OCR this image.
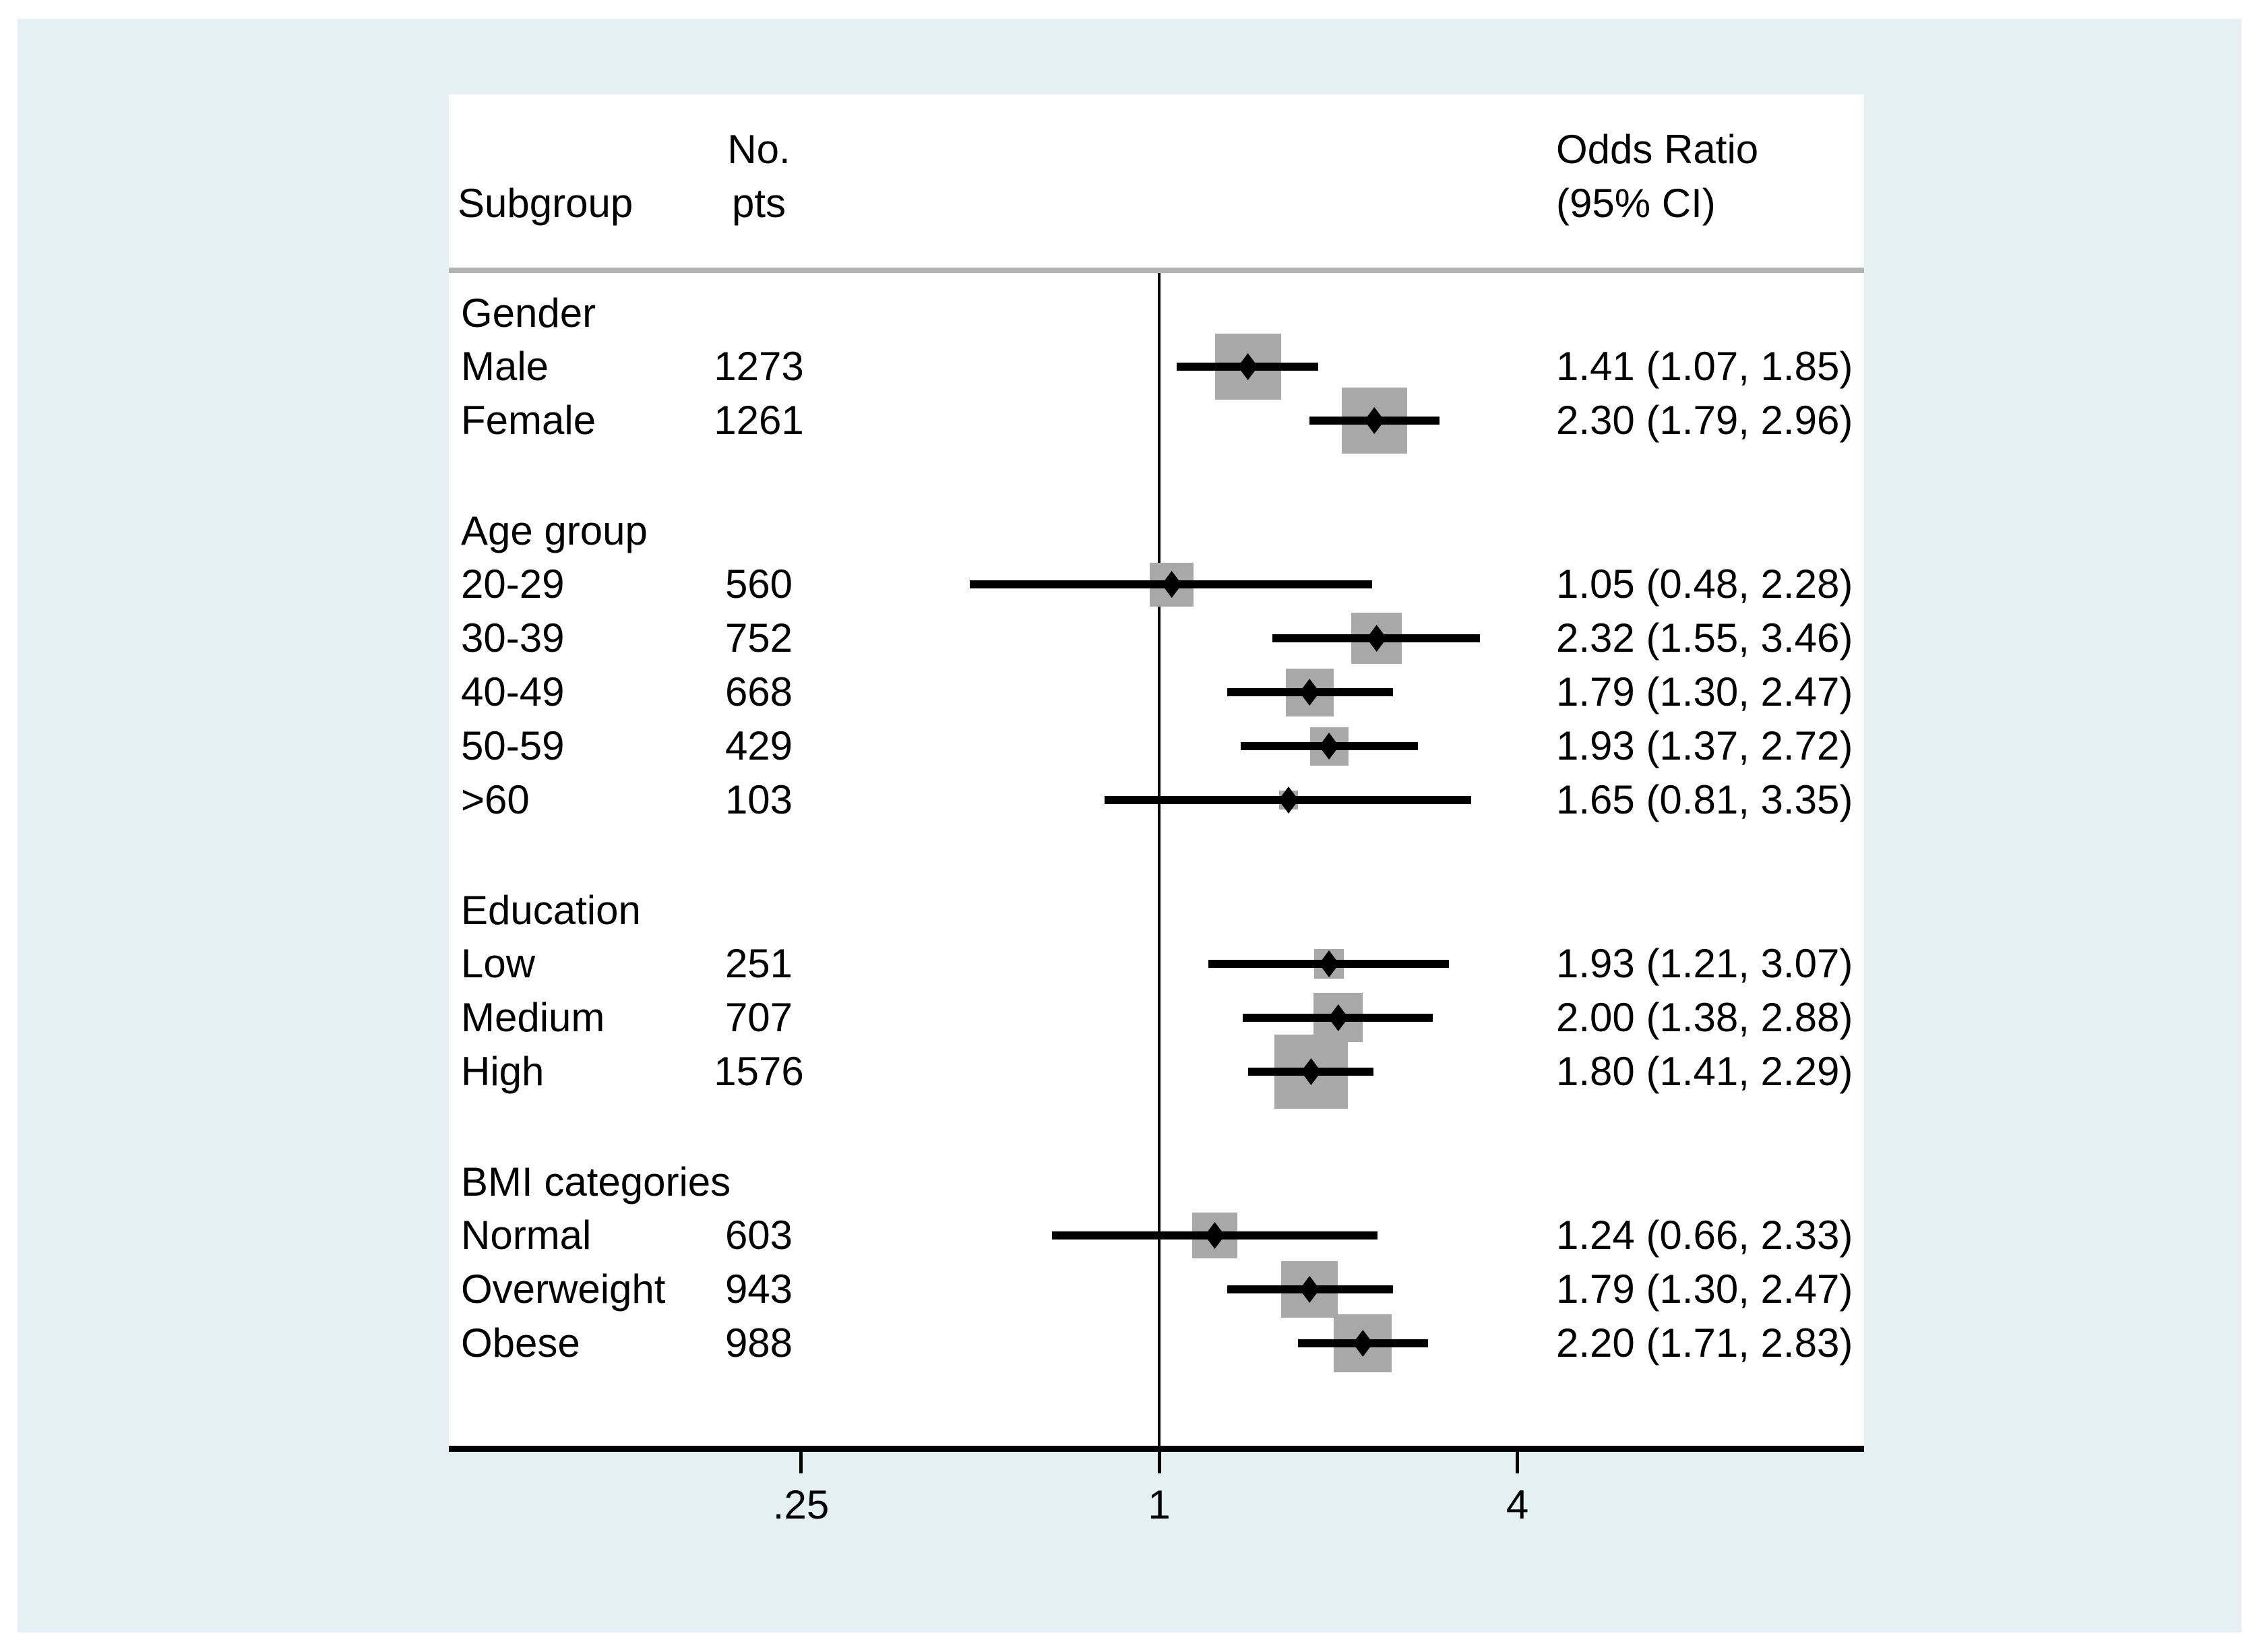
Subgroup
No.
pts
Odds Ratio
(95% CI)
Gender
Male	1273	1.41 (1.07, 1.85)
Female	1261	2.30 (1.79, 2.96)
Age group
20-29	560	1.05 (0.48, 2.28)
30-39	752	2.32 (1.55, 3.46)
40-49	668	1.79 (1.30, 2.47)
50-59	429	1.93 (1.37, 2.72)
>60	103	1.65 (0.81, 3.35)
Education
Low	251	1.93 (1.21, 3.07)
Medium	707	2.00 (1.38, 2.88)
High	1576	1.80 (1.41, 2.29)
BMI categories
Normal	603	1.24 (0.66, 2.33)
Overweight	943	1.79 (1.30, 2.47)
Obese	988	2.20 (1.71, 2.83)
.25	1	4
